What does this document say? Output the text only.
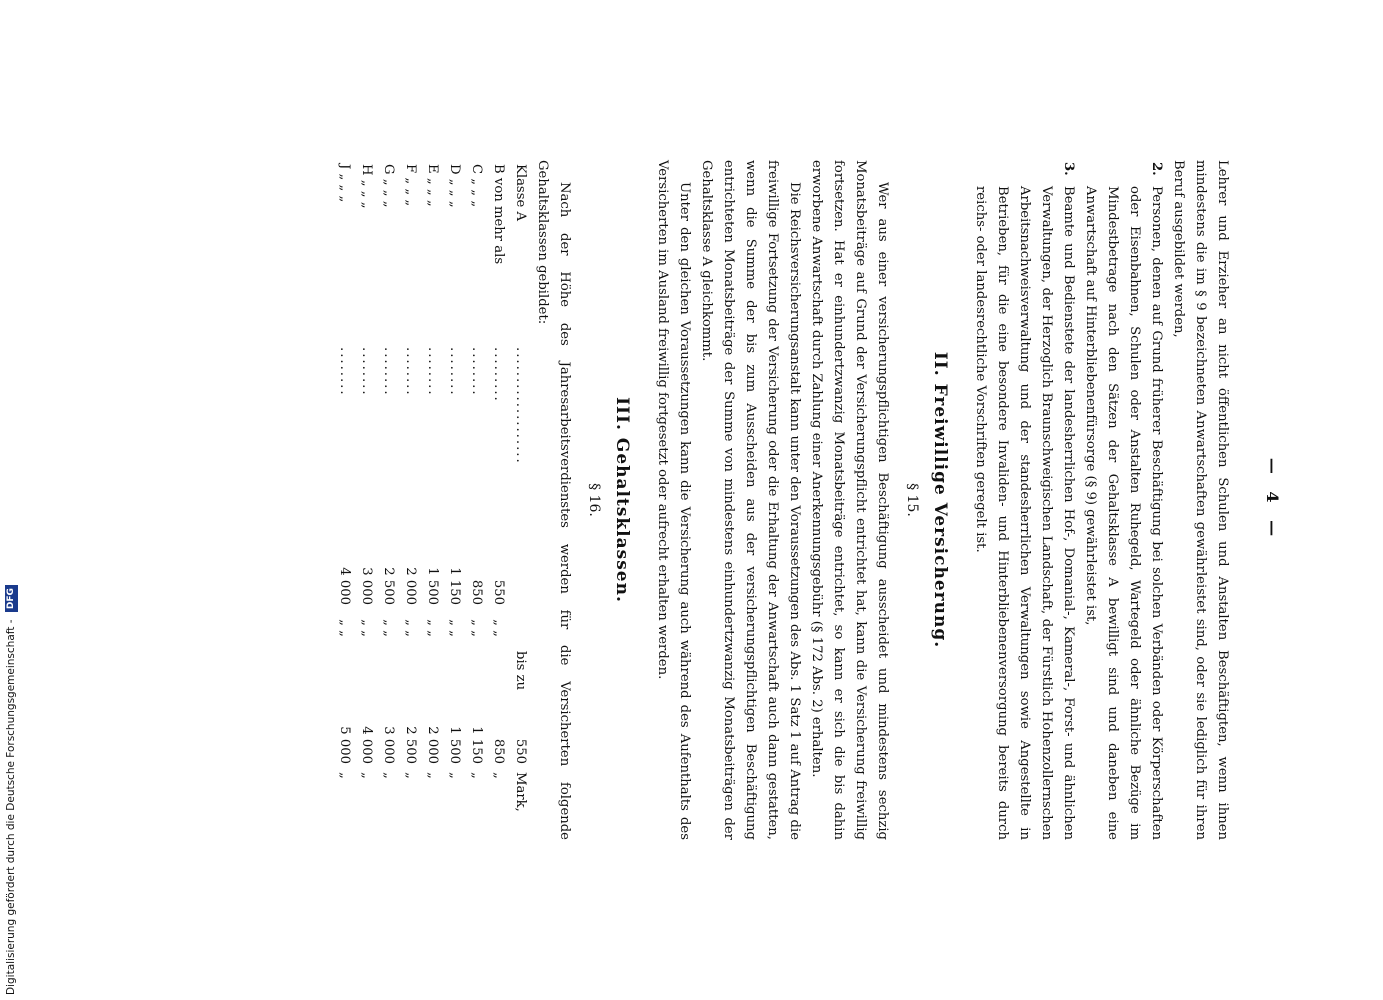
— 4 —

Lehrer und Erzieher an nicht öffentlichen Schulen und Anstalten Beschäftigten, wenn ihnen mindestens die im § 9 bezeichneten Anwartschaften gewährleistet sind, oder sie lediglich für ihren Beruf ausgebildet werden,

2.
Personen, denen auf Grund früherer Beschäftigung bei solchen Verbänden oder Körperschaften oder Eisenbahnen, Schulen oder Anstalten Ruhegeld, Wartegeld oder ähnliche Bezüge im Mindestbetrage nach den Sätzen der Gehaltsklasse A bewilligt sind und daneben eine Anwartschaft auf Hinterbliebenenfürsorge (§ 9) gewährleistet ist,
3.
Beamte und Bedienstete der landesherrlichen Hof-, Domanial-, Kameral-, Forst- und ähnlichen Verwaltungen, der Herzoglich Braunschweigischen Landschaft, der Fürstlich Hohenzollernschen Arbeitsnachweisverwaltung und der standesherrlichen Verwaltungen sowie Angestellte in Betrieben, für die eine besondere Invaliden- und Hinterbliebenenversorgung bereits durch reichs- oder landesrechtliche Vorschriften geregelt ist.
II. Freiwillige Versicherung.
§ 15.

Wer aus einer versicherungspflichtigen Beschäftigung ausscheidet und mindestens sechzig Monatsbeiträge auf Grund der Versicherungspflicht entrichtet hat, kann die Versicherung freiwillig fortsetzen. Hat er einhundertzwanzig Monatsbeiträge entrichtet, so kann er sich die bis dahin erworbene Anwartschaft durch Zahlung einer Anerkennungsgebühr (§ 172 Abs. 2) erhalten.

Die Reichsversicherungsanstalt kann unter den Voraussetzungen des Abs. 1 Satz 1 auf Antrag die freiwillige Fortsetzung der Versicherung oder die Erhaltung der Anwartschaft auch dann gestatten, wenn die Summe der bis zum Ausscheiden aus der versicherungspflichtigen Beschäftigung entrichteten Monatsbeiträge der Summe von mindestens einhundertzwanzig Monatsbeiträgen der Gehaltsklasse A gleichkommt.

Unter den gleichen Voraussetzungen kann die Versicherung auch während des Aufenthalts des Versicherten im Ausland freiwillig fortgesetzt oder aufrecht erhalten werden.

III. Gehaltsklassen.
§ 16.

Nach der Höhe des Jahresarbeitsverdienstes werden für die Versicherten folgende Gehaltsklassen gebildet:

Klasse A	...................			bis zu	550	Mark,
B von mehr als	.........	550	„ „		850	„
C „ „ „	........	850	„ „		1 150	„
D „ „ „	........	1 150	„ „		1 500	„
E „ „ „	........	1 500	„ „		2 000	„
F „ „ „	........	2 000	„ „		2 500	„
G „ „ „	........	2 500	„ „		3 000	„
H „ „ „	........	3 000	„ „		4 000	„
J „ „ „	........	4 000	„ „		5 000	„
Digitalisierung gefördert durch die Deutsche Forschungsgemeinschaft - DFG
